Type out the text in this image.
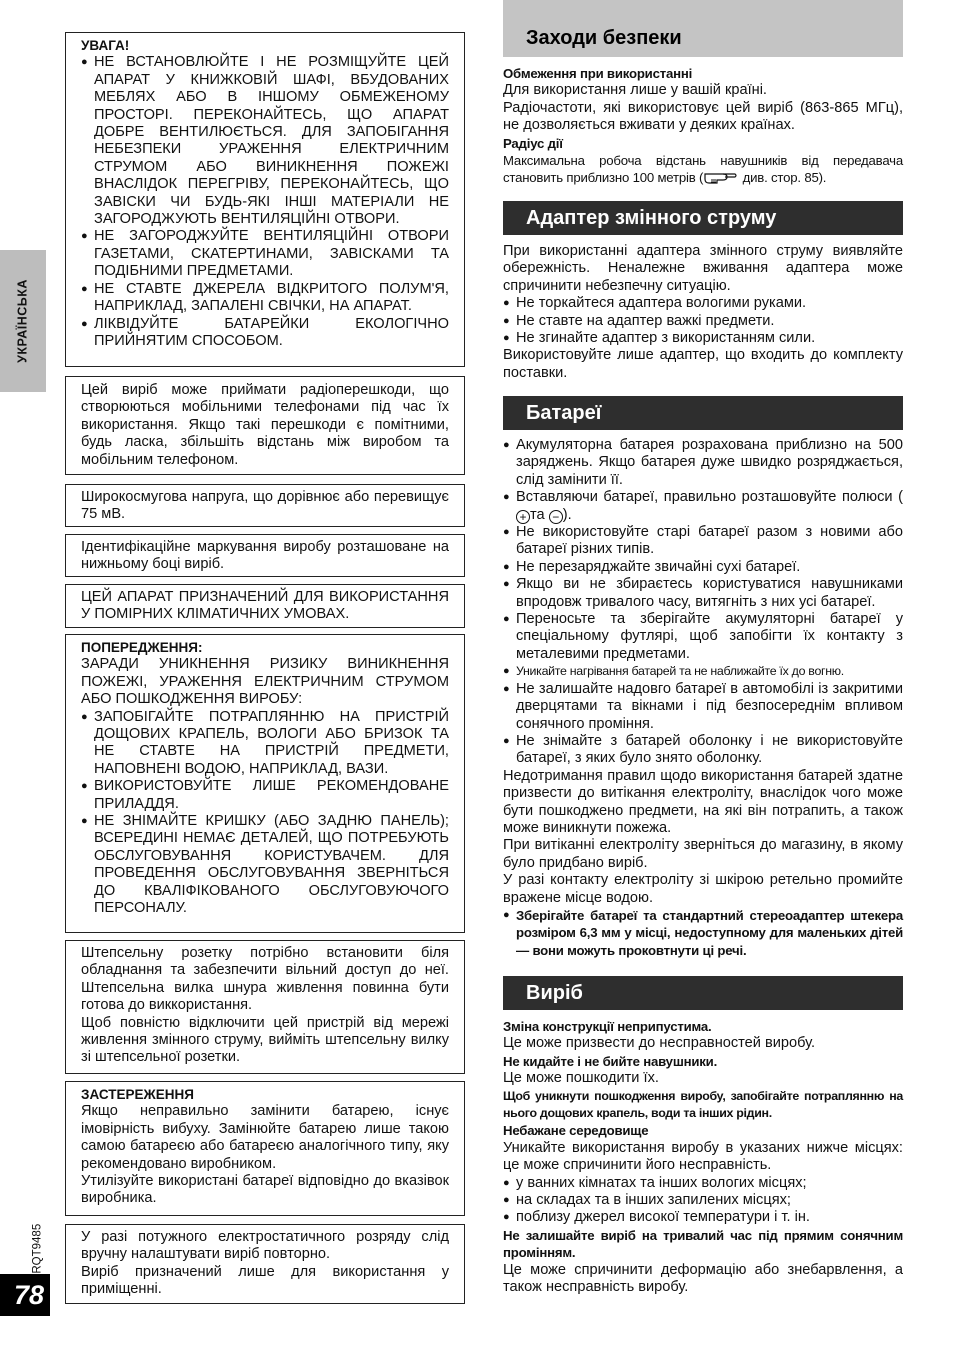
УКРАЇНСЬКА
RQT9485
78

УВАГА!

● НЕ ВСТАНОВЛЮЙТЕ І НЕ РОЗМІЩУЙТЕ ЦЕЙ АПАРАТ У КНИЖКОВІЙ ШАФІ, ВБУДОВАНИХ МЕБЛЯХ АБО В ІНШОМУ ОБМЕЖЕНОМУ ПРОСТОРІ. ПЕРЕКОНАЙТЕСЬ, ЩО АПАРАТ ДОБРЕ ВЕНТИЛЮЄТЬСЯ. ДЛЯ ЗАПОБІГАННЯ НЕБЕЗПЕКИ УРАЖЕННЯ ЕЛЕКТРИЧНИМ СТРУМОМ АБО ВИНИКНЕННЯ ПОЖЕЖІ ВНАСЛІДОК ПЕРЕГРІВУ, ПЕРЕКОНАЙТЕСЬ, ЩО ЗАВІСКИ ЧИ БУДЬ-ЯКІ ІНШІ МАТЕРІАЛИ НЕ ЗАГОРОДЖУЮТЬ ВЕНТИЛЯЦІЙНІ ОТВОРИ.
● НЕ ЗАГОРОДЖУЙТЕ ВЕНТИЛЯЦІЙНІ ОТВОРИ ГАЗЕТАМИ, СКАТЕРТИНАМИ, ЗАВІСКАМИ ТА ПОДІБНИМИ ПРЕДМЕТАМИ.
● НЕ СТАВТЕ ДЖЕРЕЛА ВІДКРИТОГО ПОЛУМ'Я, НАПРИКЛАД, ЗАПАЛЕНІ СВІЧКИ, НА АПАРАТ.
● ЛІКВІДУЙТЕ БАТАРЕЙКИ ЕКОЛОГІЧНО ПРИЙНЯТИМ СПОСОБОМ.

Цей виріб може приймати радіоперешкоди, що створюються мобільними телефонами під час їх використання. Якщо такі перешкоди є помітними, будь ласка, збільшіть відстань між виробом та мобільним телефоном.

Широкосмугова напруга, що дорівнює або перевищує 75 мВ.

Ідентифікаційне маркування виробу розташоване на нижньому боці виріб.

ЦЕЙ АПАРАТ ПРИЗНАЧЕНИЙ ДЛЯ ВИКОРИСТАННЯ У ПОМІРНИХ КЛІМАТИЧНИХ УМОВАХ.

ПОПЕРЕДЖЕННЯ:

ЗАРАДИ УНИКНЕННЯ РИЗИКУ ВИНИКНЕННЯ ПОЖЕЖІ, УРАЖЕННЯ ЕЛЕКТРИЧНИМ СТРУМОМ АБО ПОШКОДЖЕННЯ ВИРОБУ:

● ЗАПОБІГАЙТЕ ПОТРАПЛЯННЮ НА ПРИСТРІЙ ДОЩОВИХ КРАПЕЛЬ, ВОЛОГИ АБО БРИЗОК ТА НЕ СТАВТЕ НА ПРИСТРІЙ ПРЕДМЕТИ, НАПОВНЕНІ ВОДОЮ, НАПРИКЛАД, ВАЗИ.
● ВИКОРИСТОВУЙТЕ ЛИШЕ РЕКОМЕНДОВАНЕ ПРИЛАДДЯ.
● НЕ ЗНІМАЙТЕ КРИШКУ (АБО ЗАДНЮ ПАНЕЛЬ); ВСЕРЕДИНІ НЕМАЄ ДЕТАЛЕЙ, ЩО ПОТРЕБУЮТЬ ОБСЛУГОВУВАННЯ КОРИСТУВАЧЕМ. ДЛЯ ПРОВЕДЕННЯ ОБСЛУГОВУВАННЯ ЗВЕРНІТЬСЯ ДО КВАЛІФІКОВАНОГО ОБСЛУГОВУЮЧОГО ПЕРСОНАЛУ.

Штепсельну розетку потрібно встановити біля обладнання та забезпечити вільний доступ до неї. Штепсельна вилка шнура живлення повинна бути готова до виккористання.

Щоб повністю відключити цей пристрій від мережі живлення змінного струму, вийміть штепсельну вилку зі штепсельної розетки.

ЗАСТЕРЕЖЕННЯ

Якщо неправильно замінити батарею, існує імовірність вибуху. Замінюйте батарею лише такою самою батареєю або батареєю аналогічного типу, яку рекомендовано виробником.

Утилізуйте використані батареї відповідно до вказівок виробника.

У разі потужного електростатичного розряду слід вручну налаштувати виріб повторно.

Виріб призначений лише для використання у приміщенні.

Заходи безпеки

Обмеження при використанні

Для використання лише у вашій країні.

Радіочастоти, які використовує цей виріб (863-865 МГц), не дозволяється вживати у деяких країнах.

Радіус дії

Максимальна робоча відстань навушників від передавача становить приблизно 100 метрів (	див. стор. 85).

Адаптер змінного струму

При використанні адаптера змінного струму виявляйте обережність. Неналежне вживання адаптера може спричинити небезпечну ситуацію.

● Не торкайтеся адаптера вологими руками.
● Не ставте на адаптер важкі предмети.
● Не згинайте адаптер з використанням сили.

Використовуйте лише адаптер, що входить до комплекту поставки.

Батареї
● Акумуляторна батарея розрахована приблизно на 500 заряджень. Якщо батарея дуже швидко розряджається, слід замінити її.
● Вставляючи батареї, правильно розташовуйте полюси (+ та − ).
● Не використовуйте старі батареї разом з новими або батареї різних типів.
● Не перезаряджайте звичайні сухі батареї.
● Якщо ви не збираєтесь користуватися навушниками впродовж тривалого часу, витягніть з них усі батареї.
● Переносьте та зберігайте акумуляторні батареї у спеціальному футлярі, щоб запобігти їх контакту з металевими предметами.
● Уникайте нагрівання батарей та не наближайте їх до вогню.
● Не залишайте надовго батареї в автомобілі із закритими дверцятами та вікнами і під безпосереднім впливом сонячного проміння.
● Не знімайте з батарей оболонку і не використовуйте батареї, з яких було знято оболонку.

Недотримання правил щодо використання батарей здатне призвести до витікання електроліту, внаслідок чого може бути пошкоджено предмети, на які він потрапить, а також може виникнути пожежа.

При витіканні електроліту зверніться до магазину, в якому було придбано виріб.

У разі контакту електроліту зі шкірою ретельно промийте вражене місце водою.

● Зберігайте батареї та стандартний стереоадаптер штекера розміром 6,3 мм у місці, недоступному для маленьких дітей — вони можуть проковтнути ці речі.
Виріб

Зміна конструкції неприпустима.

Це може призвести до несправностей виробу.

Не кидайте і не бийте навушники.

Це може пошкодити їх.

Щоб уникнути пошкодження виробу, запобігайте потраплянню на нього дощових крапель, води та інших рідин.

Небажане середовище

Уникайте використання виробу в указаних нижче місцях: це може спричинити його несправність.

● у ванних кімнатах та інших вологих місцях;
● на складах та в інших запилених місцях;
● поблизу джерел високої температури і т. ін.

Не залишайте виріб на тривалий час під прямим сонячним промінням.

Це може спричинити деформацію або знебарвлення, а також несправність виробу.
